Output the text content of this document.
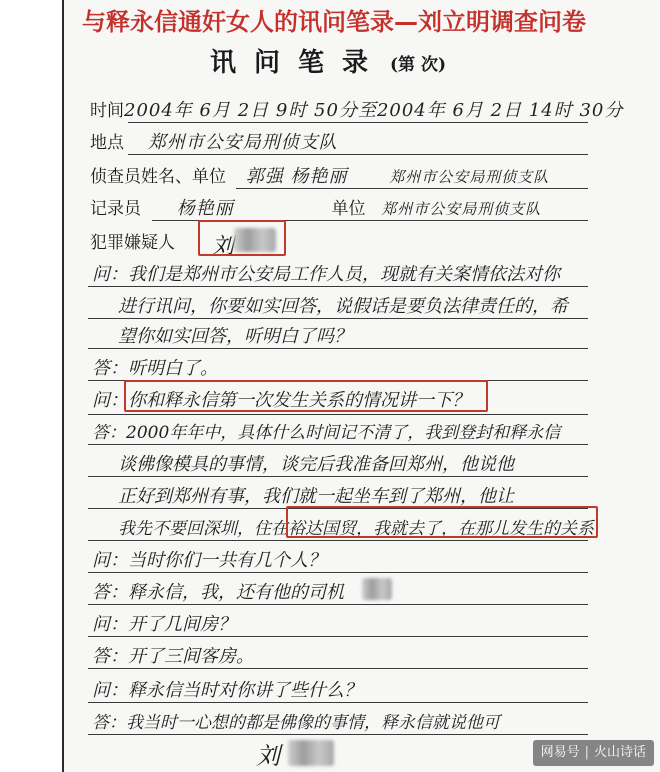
与释永信通奸女人的讯问笔录—刘立明调查问卷
讯问笔录 (第 次)
时间2004年 6月 2日 9时 50分至2004年 6月 2日 14时 30分
地点 郑州市公安局刑侦支队
侦查员姓名、单位 郭强 杨艳丽	郑州市公安局刑侦支队
记录员 杨艳丽	单位 郑州市公安局刑侦支队
犯罪嫌疑人 刘
问：我们是郑州市公安局工作人员，现就有关案情依法对你
进行讯问，你要如实回答，说假话是要负法律责任的，希
望你如实回答，听明白了吗？
答：听明白了。
问：你和释永信第一次发生关系的情况讲一下？
答：2000年年中，具体什么时间记不清了，我到登封和释永信
谈佛像模具的事情，谈完后我准备回郑州，他说他
正好到郑州有事，我们就一起坐车到了郑州，他让
我先不要回深圳，住在裕达国贸，我就去了，在那儿发生的关系
问：当时你们一共有几个人？
答：释永信，我，还有他的司机
问：开了几间房？
答：开了三间客房。
问：释永信当时对你讲了些什么？
答：我当时一心想的都是佛像的事情，释永信就说他可
刘	网易号 | 火山诗话
